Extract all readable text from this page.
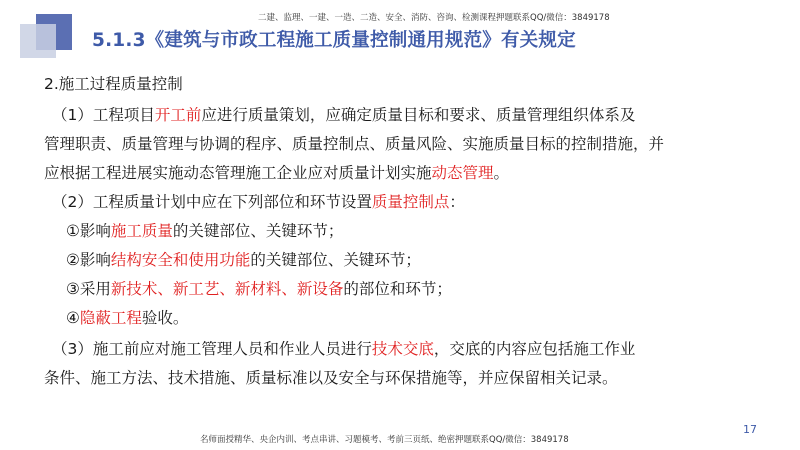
二建、监理、一建、一造、二造、安全、消防、咨询、检测课程押题联系QQ/微信：3849178
5.1.3《建筑与市政工程施工质量控制通用规范》有关规定
2.施工过程质量控制
（1）工程项目开工前应进行质量策划，应确定质量目标和要求、质量管理组织体系及
管理职责、质量管理与协调的程序、质量控制点、质量风险、实施质量目标的控制措施，并
应根据工程进展实施动态管理施工企业应对质量计划实施动态管理。
（2）工程质量计划中应在下列部位和环节设置质量控制点：
①影响施工质量的关键部位、关键环节；
②影响结构安全和使用功能的关键部位、关键环节；
③采用新技术、新工艺、新材料、新设备的部位和环节；
④隐蔽工程验收。
（3）施工前应对施工管理人员和作业人员进行技术交底，交底的内容应包括施工作业
条件、施工方法、技术措施、质量标准以及安全与环保措施等，并应保留相关记录。
17
名师面授精华、央企内训、考点串讲、习题模考、考前三页纸、绝密押题联系QQ/微信：3849178
